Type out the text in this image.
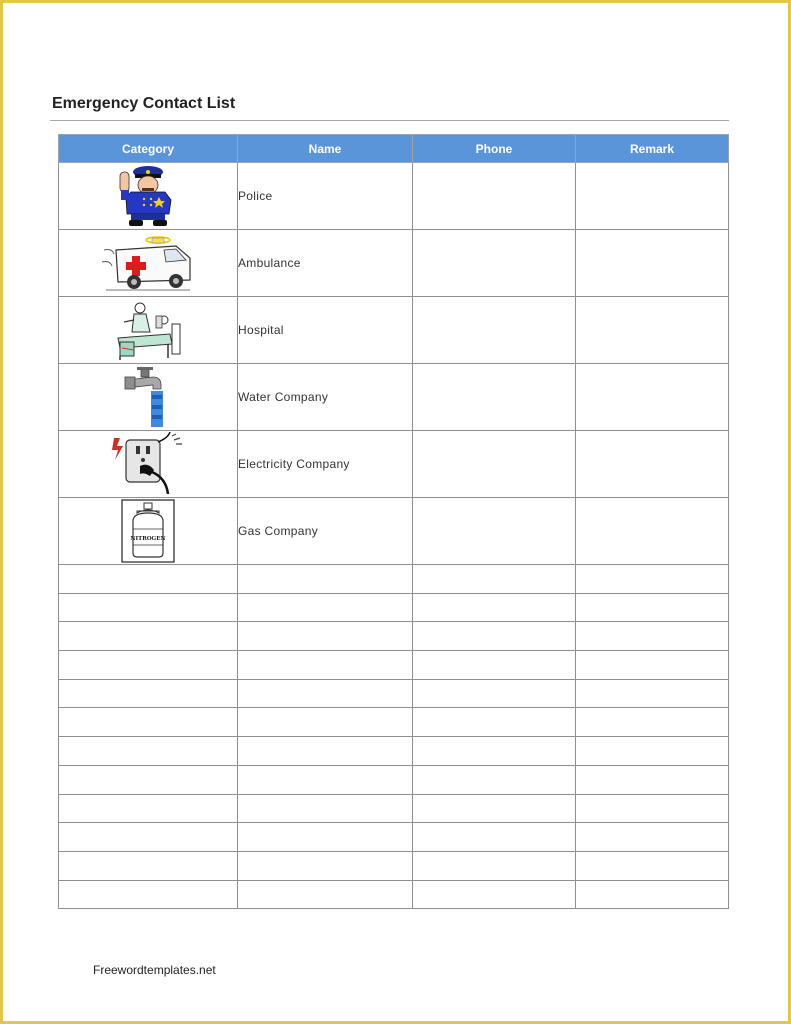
Emergency Contact List
Category	Name	Phone	Remark
	Police		
	Ambulance		
	Hospital		
	Water Company		
	Electricity Company		

NITROGEN	Gas Company		

Freewordtemplates.net
